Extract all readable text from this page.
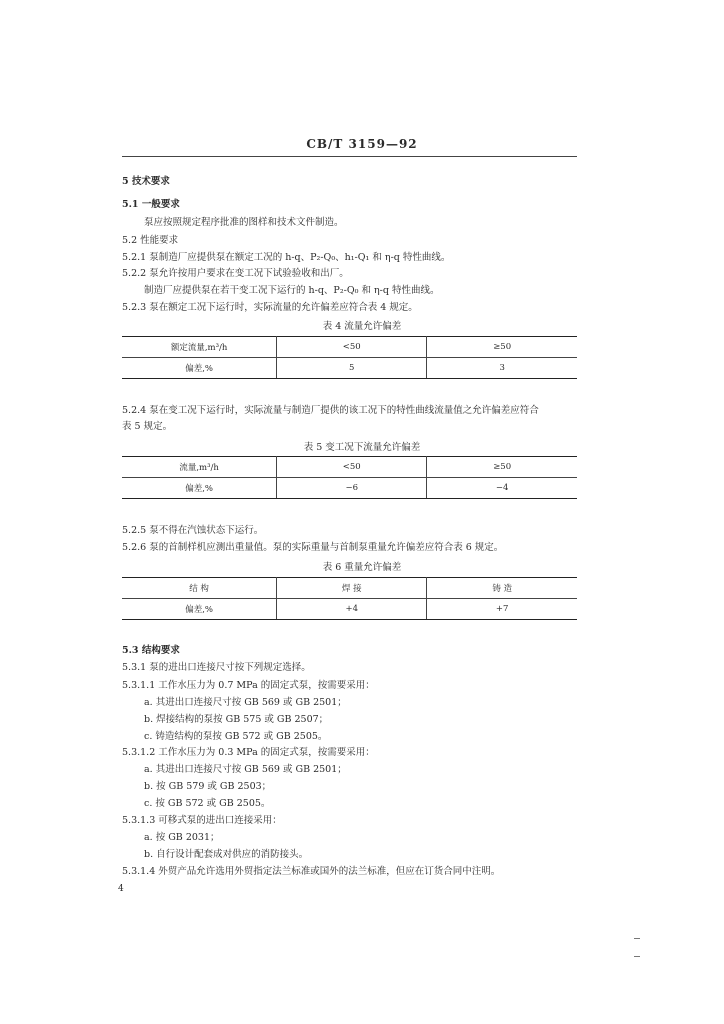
CB/T 3159—92
5 技术要求
5.1 一般要求
泵应按照规定程序批准的图样和技术文件制造。
5.2 性能要求
5.2.1 泵制造厂应提供泵在额定工况的 h-q、P₂-Q₀、h₁-Q₁ 和 η-q 特性曲线。
5.2.2 泵允许按用户要求在变工况下试验验收和出厂。
制造厂应提供泵在若干变工况下运行的 h-q、P₂-Q₀ 和 η-q 特性曲线。
5.2.3 泵在额定工况下运行时，实际流量的允许偏差应符合表 4 规定。
表 4 流量允许偏差
额定流量,m³/h	<50	≥50
偏差,%	5	3
5.2.4 泵在变工况下运行时，实际流量与制造厂提供的该工况下的特性曲线流量值之允许偏差应符合
表 5 规定。
表 5 变工况下流量允许偏差
流量,m³/h	<50	≥50
偏差,%	−6	−4
5.2.5 泵不得在汽蚀状态下运行。
5.2.6 泵的首制样机应测出重量值。泵的实际重量与首制泵重量允许偏差应符合表 6 规定。
表 6 重量允许偏差
结 构	焊 接	铸 造
偏差,%	+4	+7
5.3 结构要求
5.3.1 泵的进出口连接尺寸按下列规定选择。
5.3.1.1 工作水压力为 0.7 MPa 的固定式泵，按需要采用：
a. 其进出口连接尺寸按 GB 569 或 GB 2501；
b. 焊接结构的泵按 GB 575 或 GB 2507；
c. 铸造结构的泵按 GB 572 或 GB 2505。
5.3.1.2 工作水压力为 0.3 MPa 的固定式泵，按需要采用：
a. 其进出口连接尺寸按 GB 569 或 GB 2501；
b. 按 GB 579 或 GB 2503；
c. 按 GB 572 或 GB 2505。
5.3.1.3 可移式泵的进出口连接采用：
a. 按 GB 2031；
b. 自行设计配套成对供应的消防接头。
5.3.1.4 外贸产品允许选用外贸指定法兰标准或国外的法兰标准，但应在订货合同中注明。
4
